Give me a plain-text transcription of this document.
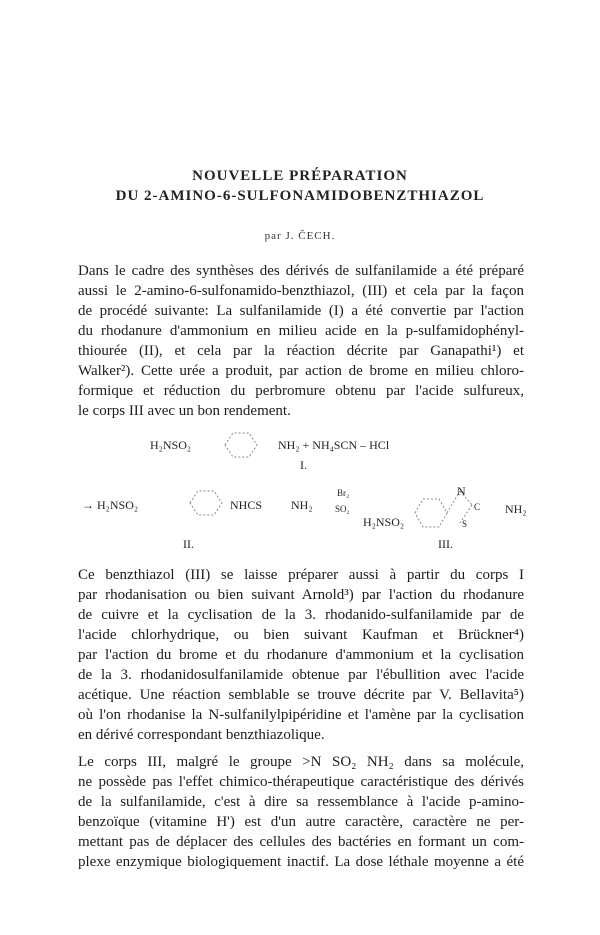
NOUVELLE PRÉPARATION
DU 2-AMINO-6-SULFONAMIDOBENZTHIAZOL
par J. ČECH.
Dans le cadre des synthèses des dérivés de sulfanilamide a été préparé
aussi le 2-amino-6-sulfonamido-benzthiazol, (III) et cela par la façon
de procédé suivante: La sulfanilamide (I) a été convertie par l'action
du rhodanure d'ammonium en milieu acide en la p-sulfamidophényl-
thiourée (II), et cela par la réaction décrite par Ganapathi¹) et
Walker²). Cette urée a produit, par action de brome en milieu chloro-
formique et réduction du perbromure obtenu par l'acide sulfureux,
le corps III avec un bon rendement.
H₂NSO₂	NH₂ + NH₄SCN – HCl
I.
→ H₂NSO₂	NHCS NH₂
Br₂
SO₂
N
C
S
NH₂
H₂NSO₂
II.	III.
Ce benzthiazol (III) se laisse préparer aussi à partir du corps I
par rhodanisation ou bien suivant Arnold³) par l'action du rhodanure
de cuivre et la cyclisation de la 3. rhodanido-sulfanilamide par de
l'acide chlorhydrique, ou bien suivant Kaufman et Brückner⁴)
par l'action du brome et du rhodanure d'ammonium et la cyclisation
de la 3. rhodanidosulfanilamide obtenue par l'ébullition avec l'acide
acétique. Une réaction semblable se trouve décrite par V. Bellavita⁵)
où l'on rhodanise la N-sulfanilylpipéridine et l'amène par la cyclisation
en dérivé correspondant benzthiazolique.
Le corps III, malgré le groupe >N SO₂ NH₂ dans sa molécule,
ne possède pas l'effet chimico-thérapeutique caractéristique des dérivés
de la sulfanilamide, c'est à dire sa ressemblance à l'acide p-amino-
benzoïque (vitamine H') est d'un autre caractère, caractère ne per-
mettant pas de déplacer des cellules des bactéries en formant un com-
plexe enzymique biologiquement inactif. La dose léthale moyenne a été
